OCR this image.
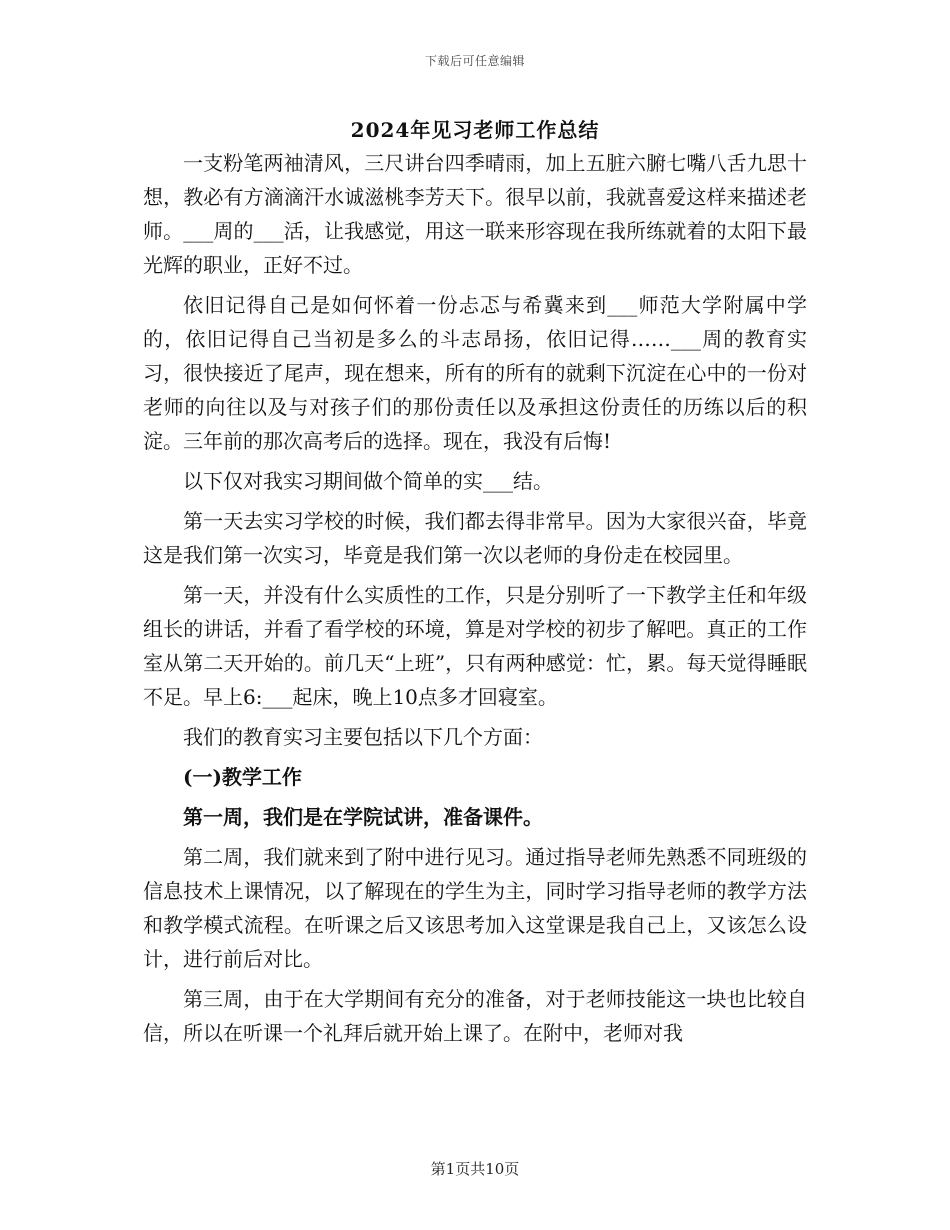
下载后可任意编辑
2024年见习老师工作总结

一支粉笔两袖清风，三尺讲台四季晴雨，加上五脏六腑七嘴八舌九思十想，教必有方滴滴汗水诚滋桃李芳天下。很早以前，我就喜爱这样来描述老师。___周的___活，让我感觉，用这一联来形容现在我所练就着的太阳下最光辉的职业，正好不过。

依旧记得自己是如何怀着一份忐忑与希冀来到___师范大学附属中学的，依旧记得自己当初是多么的斗志昂扬，依旧记得……___周的教育实习，很快接近了尾声，现在想来，所有的所有的就剩下沉淀在心中的一份对老师的向往以及与对孩子们的那份责任以及承担这份责任的历练以后的积淀。三年前的那次高考后的选择。现在，我没有后悔!

以下仅对我实习期间做个简单的实___结。

第一天去实习学校的时候，我们都去得非常早。因为大家很兴奋，毕竟这是我们第一次实习，毕竟是我们第一次以老师的身份走在校园里。

第一天，并没有什么实质性的工作，只是分别听了一下教学主任和年级组长的讲话，并看了看学校的环境，算是对学校的初步了解吧。真正的工作室从第二天开始的。前几天“上班”，只有两种感觉：忙，累。每天觉得睡眠不足。早上6:___起床，晚上10点多才回寝室。

我们的教育实习主要包括以下几个方面：

(一)教学工作

第一周，我们是在学院试讲，准备课件。

第二周，我们就来到了附中进行见习。通过指导老师先熟悉不同班级的信息技术上课情况，以了解现在的学生为主，同时学习指导老师的教学方法和教学模式流程。在听课之后又该思考加入这堂课是我自己上，又该怎么设计，进行前后对比。

第三周，由于在大学期间有充分的准备，对于老师技能这一块也比较自信，所以在听课一个礼拜后就开始上课了。在附中，老师对我

第1页共10页
